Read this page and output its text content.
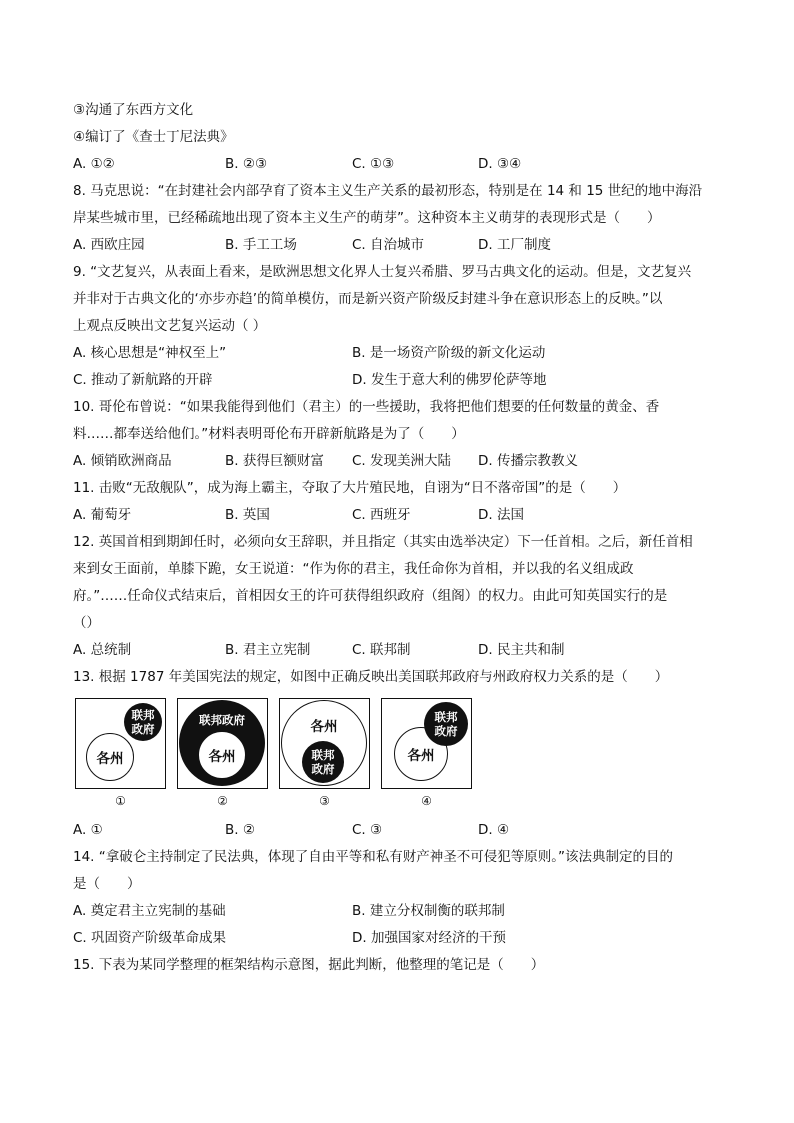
③沟通了东西方文化
④编订了《查士丁尼法典》
A. ①②	B. ②③	C. ①③	D. ③④
8. 马克思说：“在封建社会内部孕育了资本主义生产关系的最初形态，特别是在 14 和 15 世纪的地中海沿
岸某些城市里，已经稀疏地出现了资本主义生产的萌芽”。这种资本主义萌芽的表现形式是（　　）
A. 西欧庄园	B. 手工工场	C. 自治城市	D. 工厂制度
9. “文艺复兴，从表面上看来，是欧洲思想文化界人士复兴希腊、罗马古典文化的运动。但是，文艺复兴
并非对于古典文化的‘亦步亦趋’的简单模仿，而是新兴资产阶级反封建斗争在意识形态上的反映。”以
上观点反映出文艺复兴运动（ ）
A. 核心思想是“神权至上”	B. 是一场资产阶级的新文化运动
C. 推动了新航路的开辟	D. 发生于意大利的佛罗伦萨等地
10. 哥伦布曾说：“如果我能得到他们（君主）的一些援助，我将把他们想要的任何数量的黄金、香
料……都奉送给他们。”材料表明哥伦布开辟新航路是为了（　　）
A. 倾销欧洲商品	B. 获得巨额财富 C. 发现美洲大陆 D. 传播宗教教义
11. 击败“无敌舰队”，成为海上霸主，夺取了大片殖民地，自诩为“日不落帝国”的是（　　）
A. 葡萄牙	B. 英国	C. 西班牙	D. 法国
12. 英国首相到期卸任时，必须向女王辞职，并且指定（其实由选举决定）下一任首相。之后，新任首相
来到女王面前，单膝下跪，女王说道：“作为你的君主，我任命你为首相，并以我的名义组成政
府。”……任命仪式结束后，首相因女王的许可获得组织政府（组阁）的权力。由此可知英国实行的是
（）
A. 总统制	B. 君主立宪制	C. 联邦制	D. 民主共和制
13. 根据 1787 年美国宪法的规定，如图中正确反映出美国联邦政府与州政府权力关系的是（　　）
联邦
政府
各州
①
联邦政府
各州
②
各州
联邦
政府
③
各州
联邦
政府
④
A. ①	B. ②	C. ③	D. ④
14. “拿破仑主持制定了民法典，体现了自由平等和私有财产神圣不可侵犯等原则。”该法典制定的目的
是（　　）
A. 奠定君主立宪制的基础	B. 建立分权制衡的联邦制
C. 巩固资产阶级革命成果	D. 加强国家对经济的干预
15. 下表为某同学整理的框架结构示意图，据此判断，他整理的笔记是（　　）
